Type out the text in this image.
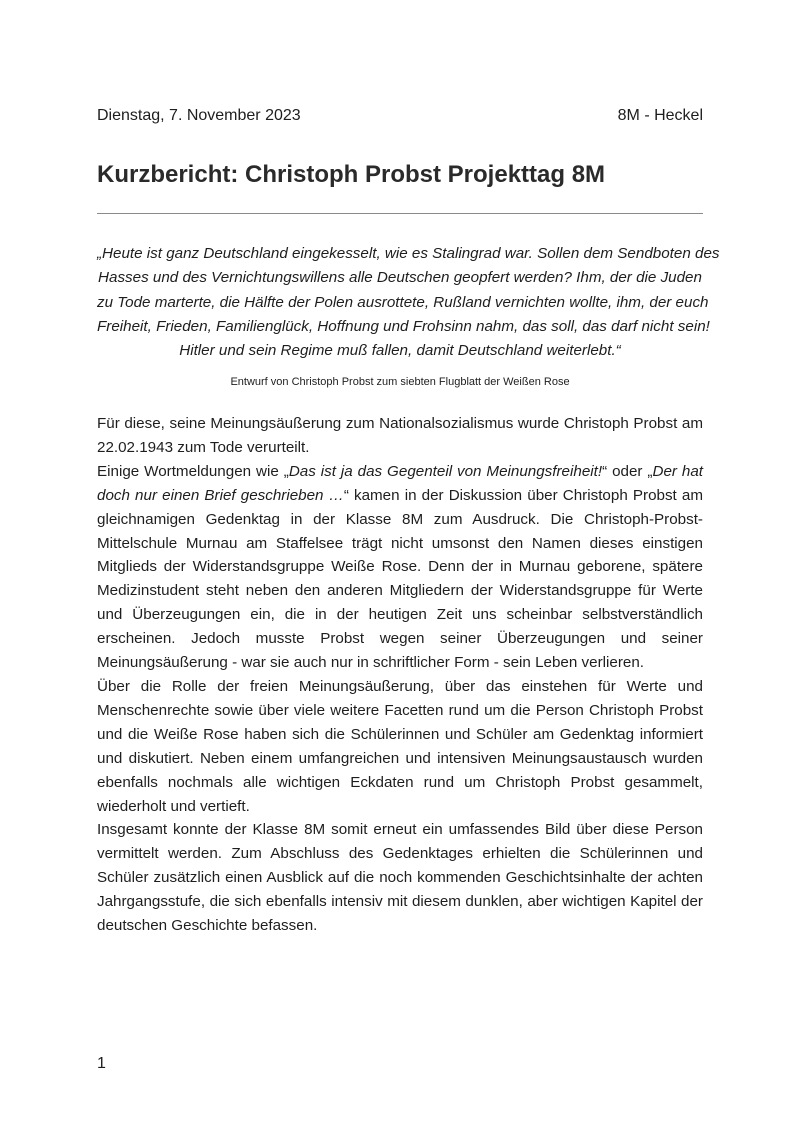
Dienstag, 7. November 2023	8M - Heckel
Kurzbericht: Christoph Probst Projekttag 8M
„Heute ist ganz Deutschland eingekesselt, wie es Stalingrad war. Sollen dem Sendboten des
Hasses und des Vernichtungswillens alle Deutschen geopfert werden? Ihm, der die Juden
zu Tode marterte, die Hälfte der Polen ausrottete, Rußland vernichten wollte, ihm, der euch
Freiheit, Frieden, Familienglück, Hoffnung und Frohsinn nahm, das soll, das darf nicht sein!
Hitler und sein Regime muß fallen, damit Deutschland weiterlebt.“
Entwurf von Christoph Probst zum siebten Flugblatt der Weißen Rose

Für diese, seine Meinungsäußerung zum Nationalsozialismus wurde Christoph Probst am 22.02.1943 zum Tode verurteilt.

Einige Wortmeldungen wie „Das ist ja das Gegenteil von Meinungsfreiheit!“ oder „Der hat doch nur einen Brief geschrieben …“ kamen in der Diskussion über Christoph Probst am gleichnamigen Gedenktag in der Klasse 8M zum Ausdruck. Die Christoph-Probst-Mittelschule Murnau am Staffelsee trägt nicht umsonst den Namen dieses einstigen Mitglieds der Widerstandsgruppe Weiße Rose. Denn der in Murnau geborene, spätere Medizinstudent steht neben den anderen Mitgliedern der Widerstandsgruppe für Werte und Überzeugungen ein, die in der heutigen Zeit uns scheinbar selbstverständlich erscheinen. Jedoch musste Probst wegen seiner Überzeugungen und seiner Meinungsäußerung - war sie auch nur in schriftlicher Form - sein Leben verlieren.

Über die Rolle der freien Meinungsäußerung, über das einstehen für Werte und Menschenrechte sowie über viele weitere Facetten rund um die Person Christoph Probst und die Weiße Rose haben sich die Schülerinnen und Schüler am Gedenktag informiert und diskutiert. Neben einem umfangreichen und intensiven Meinungsaustausch wurden ebenfalls nochmals alle wichtigen Eckdaten rund um Christoph Probst gesammelt, wiederholt und vertieft.

Insgesamt konnte der Klasse 8M somit erneut ein umfassendes Bild über diese Person vermittelt werden. Zum Abschluss des Gedenktages erhielten die Schülerinnen und Schüler zusätzlich einen Ausblick auf die noch kommenden Geschichtsinhalte der achten Jahrgangsstufe, die sich ebenfalls intensiv mit diesem dunklen, aber wichtigen Kapitel der deutschen Geschichte befassen.

1
